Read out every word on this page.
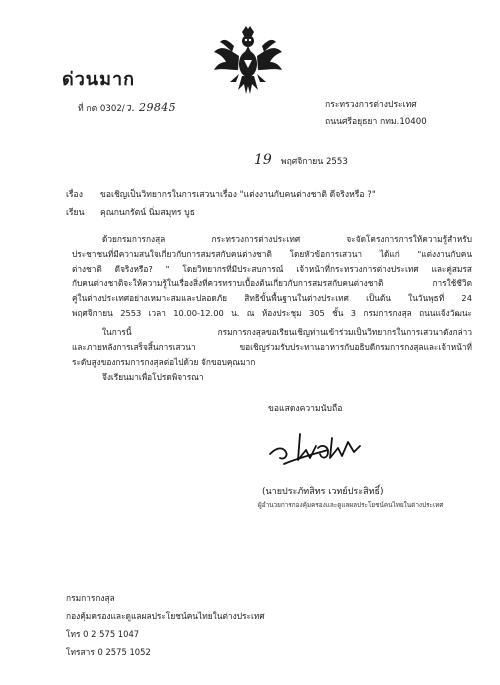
ด่วนมาก
ที่ กต 0302/ว. 29845	กระทรวงการต่างประเทศ
ถนนศรีอยุธยา กทม.10400
19 พฤศจิกายน 2553
เรื่อง ขอเชิญเป็นวิทยากรในการเสวนาเรื่อง "แต่งงานกับคนต่างชาติ ดีจริงหรือ ?"
เรียน คุณกนกรัตน์ นิ่มสมุทร บูธ

ด้วยกรมการกงสุล กระทรวงการต่างประเทศ จะจัดโครงการการให้ความรู้สำหรับ

ประชาชนที่มีความสนใจเกี่ยวกับการสมรสกับคนต่างชาติ โดยหัวข้อการเสวนา ได้แก่ "แต่งงานกับคน

ต่างชาติ ดีจริงหรือ? " โดยวิทยากรที่มีประสบการณ์ เจ้าหน้าที่กระทรวงการต่างประเทศ และคู่สมรส

กับคนต่างชาติจะให้ความรู้ในเรื่องสิ่งที่ควรทราบเบื้องต้นเกี่ยวกับการสมรสกับคนต่างชาติ การใช้ชีวิต

คู่ในต่างประเทศอย่างเหมาะสมและปลอดภัย สิทธิขั้นพื้นฐานในต่างประเทศ เป็นต้น ในวันพุธที่ 24

พฤศจิกายน 2553 เวลา 10.00-12.00 น. ณ ห้องประชุม 305 ชั้น 3 กรมการกงสุล ถนนแจ้งวัฒนะ

ในการนี้ กรมการกงสุลขอเรียนเชิญท่านเข้าร่วมเป็นวิทยากรในการเสวนาดังกล่าว

และภายหลังการเสร็จสิ้นการเสวนา ขอเชิญร่วมรับประทานอาหารกับอธิบดีกรมการกงสุลและเจ้าหน้าที่

ระดับสูงของกรมการกงสุลต่อไปด้วย จักขอบคุณมาก

จึงเรียนมาเพื่อโปรดพิจารณา

ขอแสดงความนับถือ
(นายประภัทสิทร เวทย์ประสิทธิ์)
ผู้อำนวยการกองคุ้มครองและดูแลผลประโยชน์คนไทยในต่างประเทศ
กรมการกงสุล
กองคุ้มครองและดูแลผลประโยชน์คนไทยในต่างประเทศ
โทร 0 2 575 1047
โทรสาร 0 2575 1052
